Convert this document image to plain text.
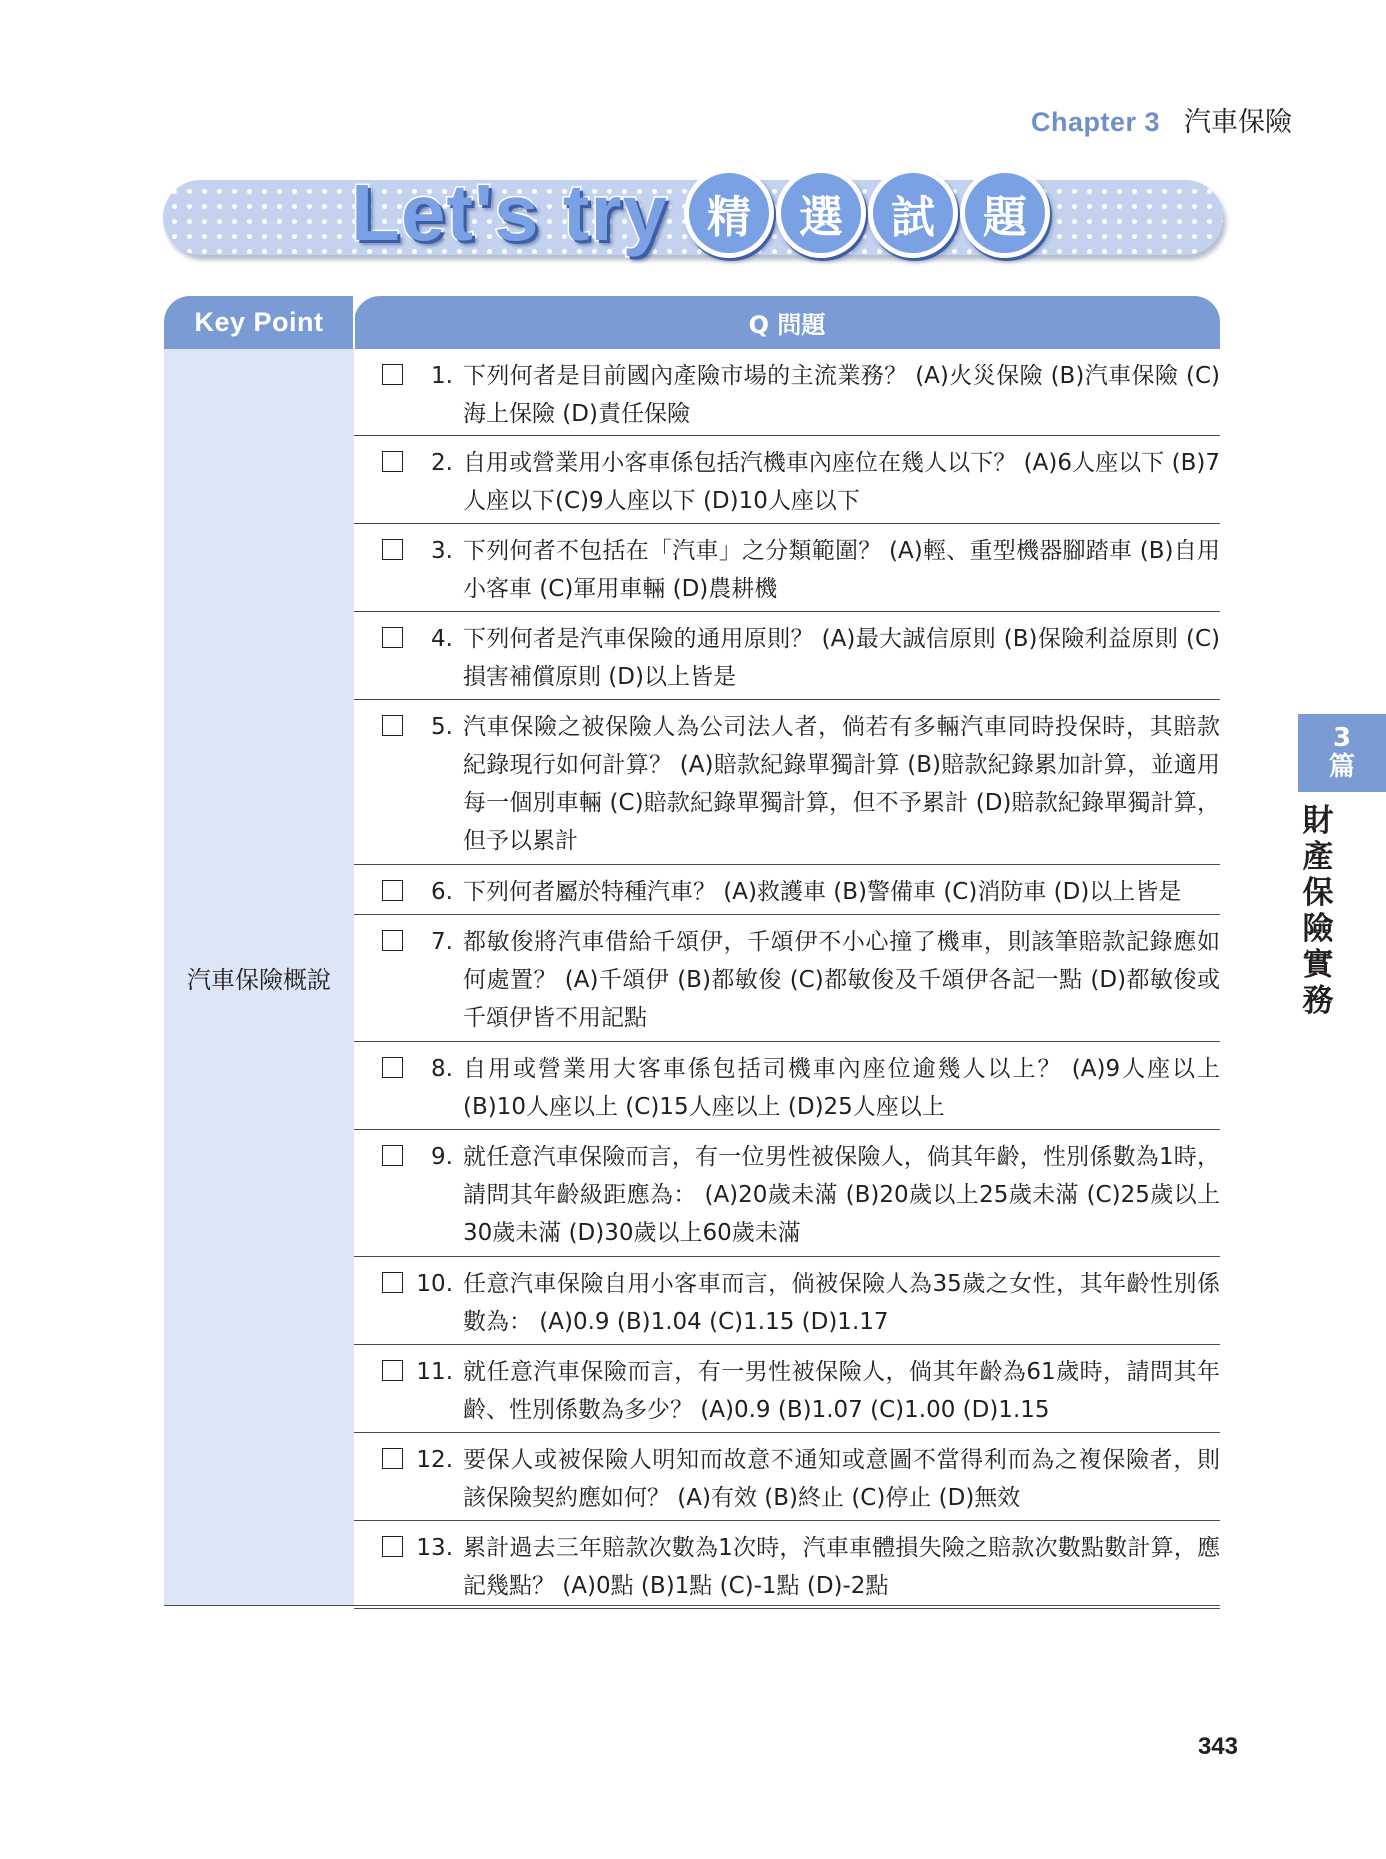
Chapter 3 汽車保險
Let's try 精	選	試	題
Key Point	Q 問題
汽車保險概說
1. 下列何者是目前國內產險市場的主流業務？ (A)火災保險 (B)汽車保險 (C)海上保險 (D)責任保險
2. 自用或營業用小客車係包括汽機車內座位在幾人以下？ (A)6人座以下 (B)7人座以下(C)9人座以下 (D)10人座以下
3. 下列何者不包括在「汽車」之分類範圍？ (A)輕、重型機器腳踏車 (B)自用小客車 (C)軍用車輛 (D)農耕機
4. 下列何者是汽車保險的通用原則？ (A)最大誠信原則 (B)保險利益原則 (C)損害補償原則 (D)以上皆是
5. 汽車保險之被保險人為公司法人者，倘若有多輛汽車同時投保時，其賠款紀錄現行如何計算？ (A)賠款紀錄單獨計算 (B)賠款紀錄累加計算，並適用每一個別車輛 (C)賠款紀錄單獨計算，但不予累計 (D)賠款紀錄單獨計算，但予以累計
6. 下列何者屬於特種汽車？ (A)救護車 (B)警備車 (C)消防車 (D)以上皆是
7. 都敏俊將汽車借給千頌伊，千頌伊不小心撞了機車，則該筆賠款記錄應如何處置？ (A)千頌伊 (B)都敏俊 (C)都敏俊及千頌伊各記一點 (D)都敏俊或千頌伊皆不用記點
8. 自用或營業用大客車係包括司機車內座位逾幾人以上？ (A)9人座以上 (B)10人座以上 (C)15人座以上 (D)25人座以上
9. 就任意汽車保險而言，有一位男性被保險人，倘其年齡，性別係數為1時，請問其年齡級距應為： (A)20歲未滿 (B)20歲以上25歲未滿 (C)25歲以上30歲未滿 (D)30歲以上60歲未滿
10. 任意汽車保險自用小客車而言，倘被保險人為35歲之女性，其年齡性別係數為： (A)0.9 (B)1.04 (C)1.15 (D)1.17
11. 就任意汽車保險而言，有一男性被保險人，倘其年齡為61歲時，請問其年齡、性別係數為多少？ (A)0.9 (B)1.07 (C)1.00 (D)1.15
12. 要保人或被保險人明知而故意不通知或意圖不當得利而為之複保險者，則該保險契約應如何？ (A)有效 (B)終止 (C)停止 (D)無效
13. 累計過去三年賠款次數為1次時，汽車車體損失險之賠款次數點數計算，應記幾點？ (A)0點 (B)1點 (C)-1點 (D)-2點
3
篇
財
產
保
險
實
務
343
